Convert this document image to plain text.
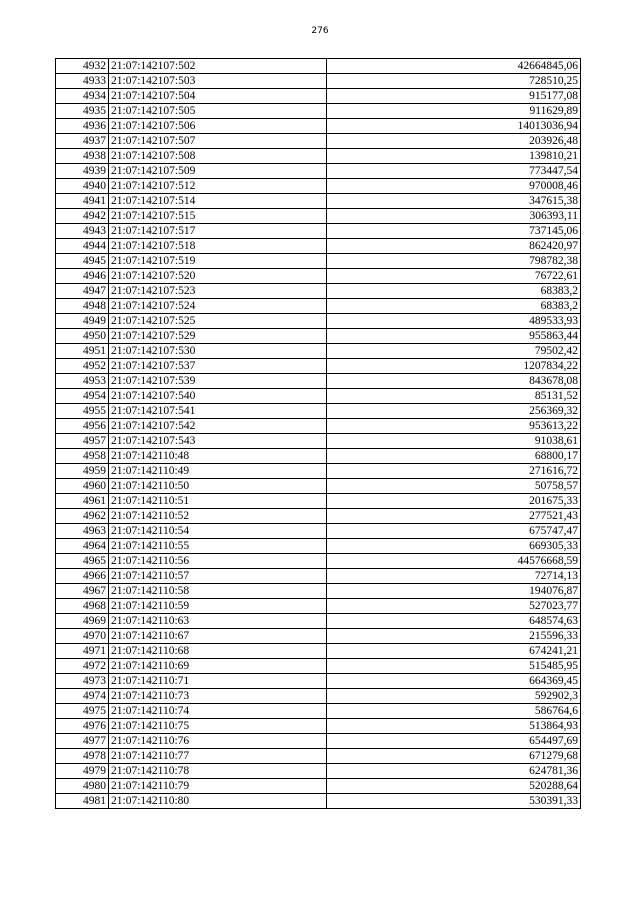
276
4932	21:07:142107:502	42664845,06
4933	21:07:142107:503	728510,25
4934	21:07:142107:504	915177,08
4935	21:07:142107:505	911629,89
4936	21:07:142107:506	14013036,94
4937	21:07:142107:507	203926,48
4938	21:07:142107:508	139810,21
4939	21:07:142107:509	773447,54
4940	21:07:142107:512	970008,46
4941	21:07:142107:514	347615,38
4942	21:07:142107:515	306393,11
4943	21:07:142107:517	737145,06
4944	21:07:142107:518	862420,97
4945	21:07:142107:519	798782,38
4946	21:07:142107:520	76722,61
4947	21:07:142107:523	68383,2
4948	21:07:142107:524	68383,2
4949	21:07:142107:525	489533,93
4950	21:07:142107:529	955863,44
4951	21:07:142107:530	79502,42
4952	21:07:142107:537	1207834,22
4953	21:07:142107:539	843678,08
4954	21:07:142107:540	85131,52
4955	21:07:142107:541	256369,32
4956	21:07:142107:542	953613,22
4957	21:07:142107:543	91038,61
4958	21:07:142110:48	68800,17
4959	21:07:142110:49	271616,72
4960	21:07:142110:50	50758,57
4961	21:07:142110:51	201675,33
4962	21:07:142110:52	277521,43
4963	21:07:142110:54	675747,47
4964	21:07:142110:55	669305,33
4965	21:07:142110:56	44576668,59
4966	21:07:142110:57	72714,13
4967	21:07:142110:58	194076,87
4968	21:07:142110:59	527023,77
4969	21:07:142110:63	648574,63
4970	21:07:142110:67	215596,33
4971	21:07:142110:68	674241,21
4972	21:07:142110:69	515485,95
4973	21:07:142110:71	664369,45
4974	21:07:142110:73	592902,3
4975	21:07:142110:74	586764,6
4976	21:07:142110:75	513864,93
4977	21:07:142110:76	654497,69
4978	21:07:142110:77	671279,68
4979	21:07:142110:78	624781,36
4980	21:07:142110:79	520288,64
4981	21:07:142110:80	530391,33
